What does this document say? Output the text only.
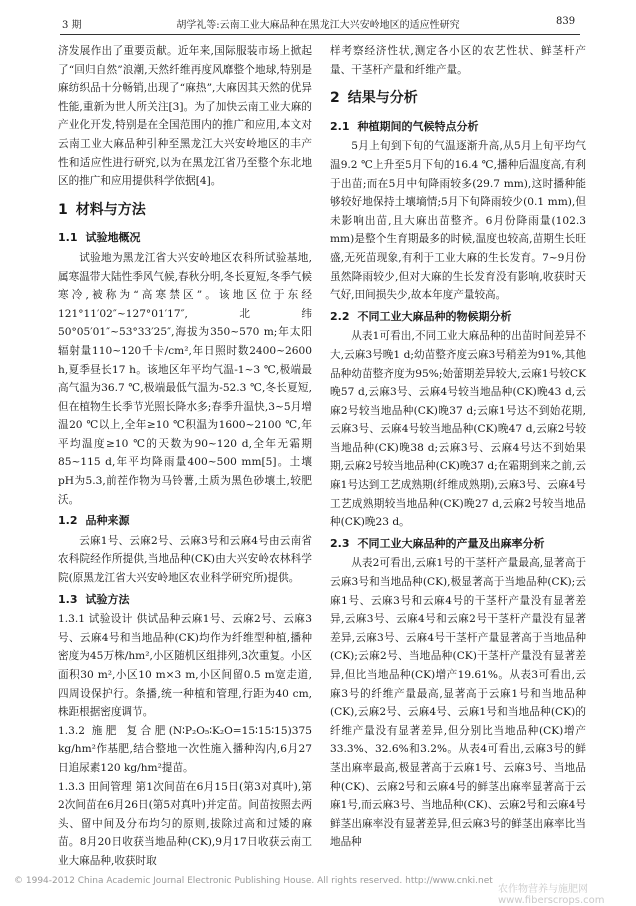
3 期	胡学礼等:云南工业大麻品种在黑龙江大兴安岭地区的适应性研究	839

济发展作出了重要贡献。近年来,国际服装市场上掀起了“回归自然”浪潮,天然纤维再度风靡整个地球,特别是麻纺织品十分畅销,出现了“麻热”,大麻因其天然的优异性能,重新为世人所关注[3]。为了加快云南工业大麻的产业化开发,特别是在全国范围内的推广和应用,本文对云南工业大麻品种引种至黑龙江大兴安岭地区的丰产性和适应性进行研究,以为在黑龙江省乃至整个东北地区的推广和应用提供科学依据[4]。

1 材料与方法
1.1 试验地概况

试验地为黑龙江省大兴安岭地区农科所试验基地,属寒温带大陆性季风气候,春秋分明,冬长夏短,冬季气候寒冷,被称为“高寒禁区”。该地区位于东经121°11′02″~127°01′17″,北纬50°05′01″~53°33′25″,海拔为350~570 m;年太阳辐射量110~120千卡/cm²,年日照时数2400~2600 h,夏季昼长17 h。该地区年平均气温-1~3 ℃,极端最高气温为36.7 ℃,极端最低气温为-52.3 ℃,冬长夏短,但在植物生长季节光照长降水多;春季升温快,3~5月增温20 ℃以上,全年≥10 ℃积温为1600~2100 ℃,年平均温度≥10 ℃的天数为90~120 d,全年无霜期85~115 d,年平均降雨量400~500 mm[5]。土壤pH为5.3,前茬作物为马铃薯,土质为黑色砂壤土,较肥沃。

1.2 品种来源

云麻1号、云麻2号、云麻3号和云麻4号由云南省农科院经作所提供,当地品种(CK)由大兴安岭农林科学院(原黑龙江省大兴安岭地区农业科学研究所)提供。

1.3 试验方法

1.3.1 试验设计 供试品种云麻1号、云麻2号、云麻3号、云麻4号和当地品种(CK)均作为纤维型种植,播种密度为45万株/hm²,小区随机区组排列,3次重复。小区面积30 m²,小区10 m×3 m,小区间留0.5 m宽走道,四周设保护行。条播,统一种植和管理,行距为40 cm,株距根据密度调节。

1.3.2 施肥 复合肥(N∶P₂O₅∶K₂O=15∶15∶15)375 kg/hm²作基肥,结合整地一次性施入播种沟内,6月27日追尿素120 kg/hm²提苗。

1.3.3 田间管理 第1次间苗在6月15日(第3对真叶),第2次间苗在6月26日(第5对真叶)并定苗。间苗按照去两头、留中间及分布均匀的原则,拔除过高和过矮的麻苗。8月20日收获当地品种(CK),9月17日收获云南工业大麻品种,收获时取

样考察经济性状,测定各小区的农艺性状、鲜茎杆产量、干茎杆产量和纤维产量。

2 结果与分析
2.1 种植期间的气候特点分析

5月上旬到下旬的气温逐渐升高,从5月上旬平均气温9.2 ℃上升至5月下旬的16.4 ℃,播种后温度高,有利于出苗;而在5月中旬降雨较多(29.7 mm),这时播种能够较好地保持土壤墒情;5月下旬降雨较少(0.1 mm),但未影响出苗,且大麻出苗整齐。6月份降雨量(102.3 mm)是整个生育期最多的时候,温度也较高,苗期生长旺盛,无死苗现象,有利于工业大麻的生长发育。7~9月份虽然降雨较少,但对大麻的生长发育没有影响,收获时天气好,田间损失少,故本年度产量较高。

2.2 不同工业大麻品种的物候期分析

从表1可看出,不同工业大麻品种的出苗时间差异不大,云麻3号晚1 d;幼苗整齐度云麻3号稍差为91%,其他品种幼苗整齐度为95%;始蕾期差异较大,云麻1号较CK晚57 d,云麻3号、云麻4号较当地品种(CK)晚43 d,云麻2号较当地品种(CK)晚37 d;云麻1号达不到始花期,云麻3号、云麻4号较当地品种(CK)晚47 d,云麻2号较当地品种(CK)晚38 d;云麻3号、云麻4号达不到始果期,云麻2号较当地品种(CK)晚37 d;在霜期到来之前,云麻1号达到工艺成熟期(纤维成熟期),云麻3号、云麻4号工艺成熟期较当地品种(CK)晚27 d,云麻2号较当地品种(CK)晚23 d。

2.3 不同工业大麻品种的产量及出麻率分析

从表2可看出,云麻1号的干茎杆产量最高,显著高于云麻3号和当地品种(CK),极显著高于当地品种(CK);云麻1号、云麻3号和云麻4号的干茎杆产量没有显著差异,云麻3号、云麻4号和云麻2号干茎杆产量没有显著差异,云麻3号、云麻4号干茎杆产量显著高于当地品种(CK);云麻2号、当地品种(CK)干茎杆产量没有显著差异,但比当地品种(CK)增产19.61%。从表3可看出,云麻3号的纤维产量最高,显著高于云麻1号和当地品种(CK),云麻2号、云麻4号、云麻1号和当地品种(CK)的纤维产量没有显著差异,但分别比当地品种(CK)增产33.3%、32.6%和3.2%。从表4可看出,云麻3号的鲜茎出麻率最高,极显著高于云麻1号、云麻3号、当地品种(CK)、云麻2号和云麻4号的鲜茎出麻率显著高于云麻1号,而云麻3号、当地品种(CK)、云麻2号和云麻4号鲜茎出麻率没有显著差异,但云麻3号的鲜茎出麻率比当地品种

© 1994-2012 China Academic Journal Electronic Publishing House. All rights reserved. http://www.cnki.net
农作物营养与施肥网 www.fiberscrops.com
